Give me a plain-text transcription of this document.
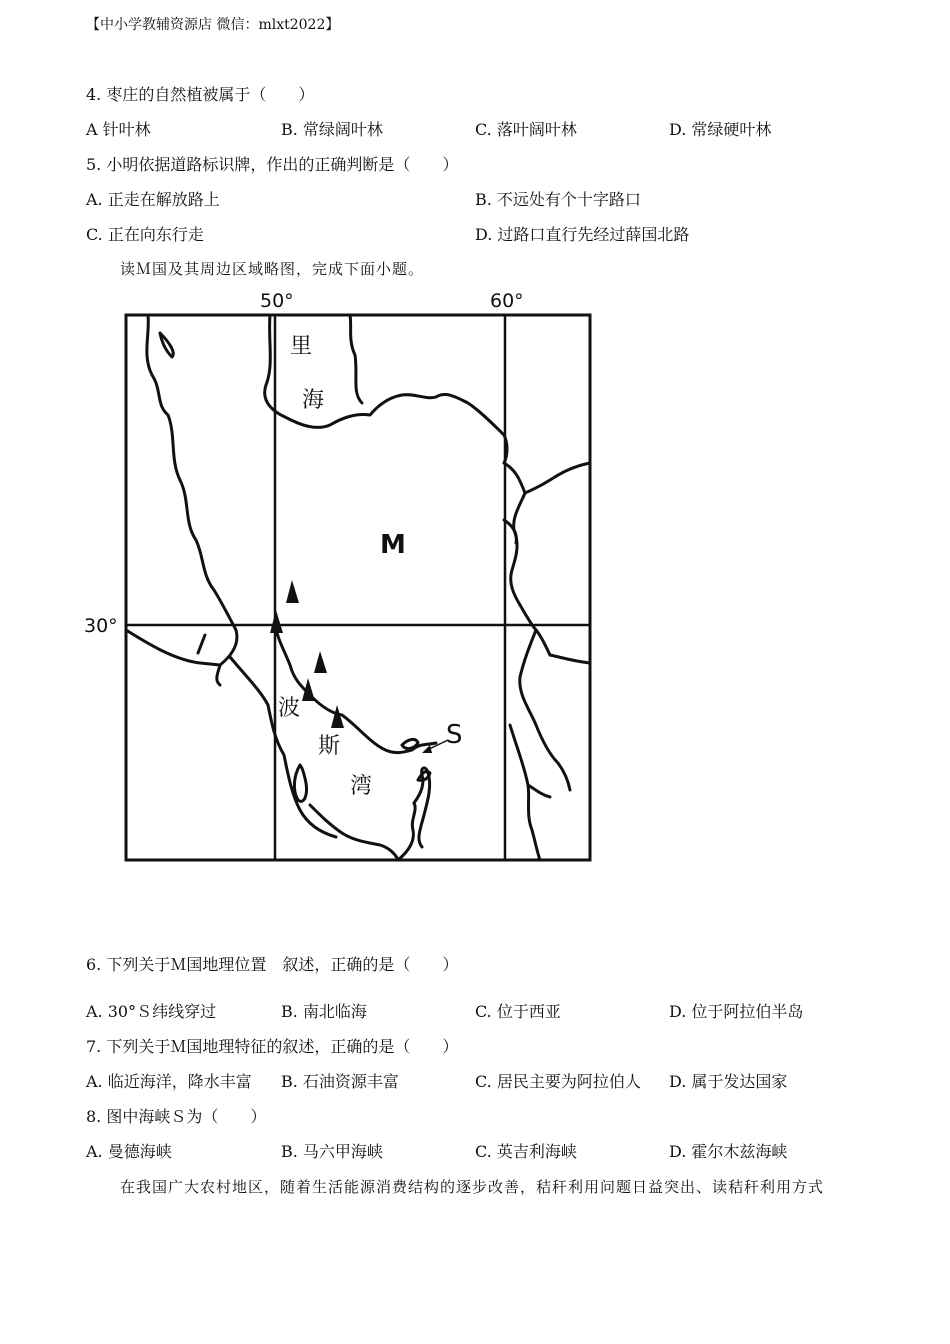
【中小学教辅资源店 微信：mlxt2022】
4. 枣庄的自然植被属于（　　）
A 针叶林	B. 常绿阔叶林	C. 落叶阔叶林	D. 常绿硬叶林
5. 小明依据道路标识牌，作出的正确判断是（　　）
A. 正走在解放路上	B. 不远处有个十字路口
C. 正在向东行走	D. 过路口直行先经过薛国北路
读Ｍ国及其周边区域略图，完成下面小题。
50°	60°
30°
里
海
M
波
斯
湾
S
6. 下列关于Ｍ国地理位置　叙述，正确的是（　　）
A. 30°Ｓ纬线穿过	B. 南北临海	C. 位于西亚	D. 位于阿拉伯半岛
7. 下列关于Ｍ国地理特征的叙述，正确的是（　　）
A. 临近海洋，降水丰富 B. 石油资源丰富	C. 居民主要为阿拉伯人 D. 属于发达国家
8. 图中海峡Ｓ为（　　）
A. 曼德海峡	B. 马六甲海峡	C. 英吉利海峡	D. 霍尔木兹海峡
在我国广大农村地区，随着生活能源消费结构的逐步改善，秸秆利用问题日益突出、读秸秆利用方式
